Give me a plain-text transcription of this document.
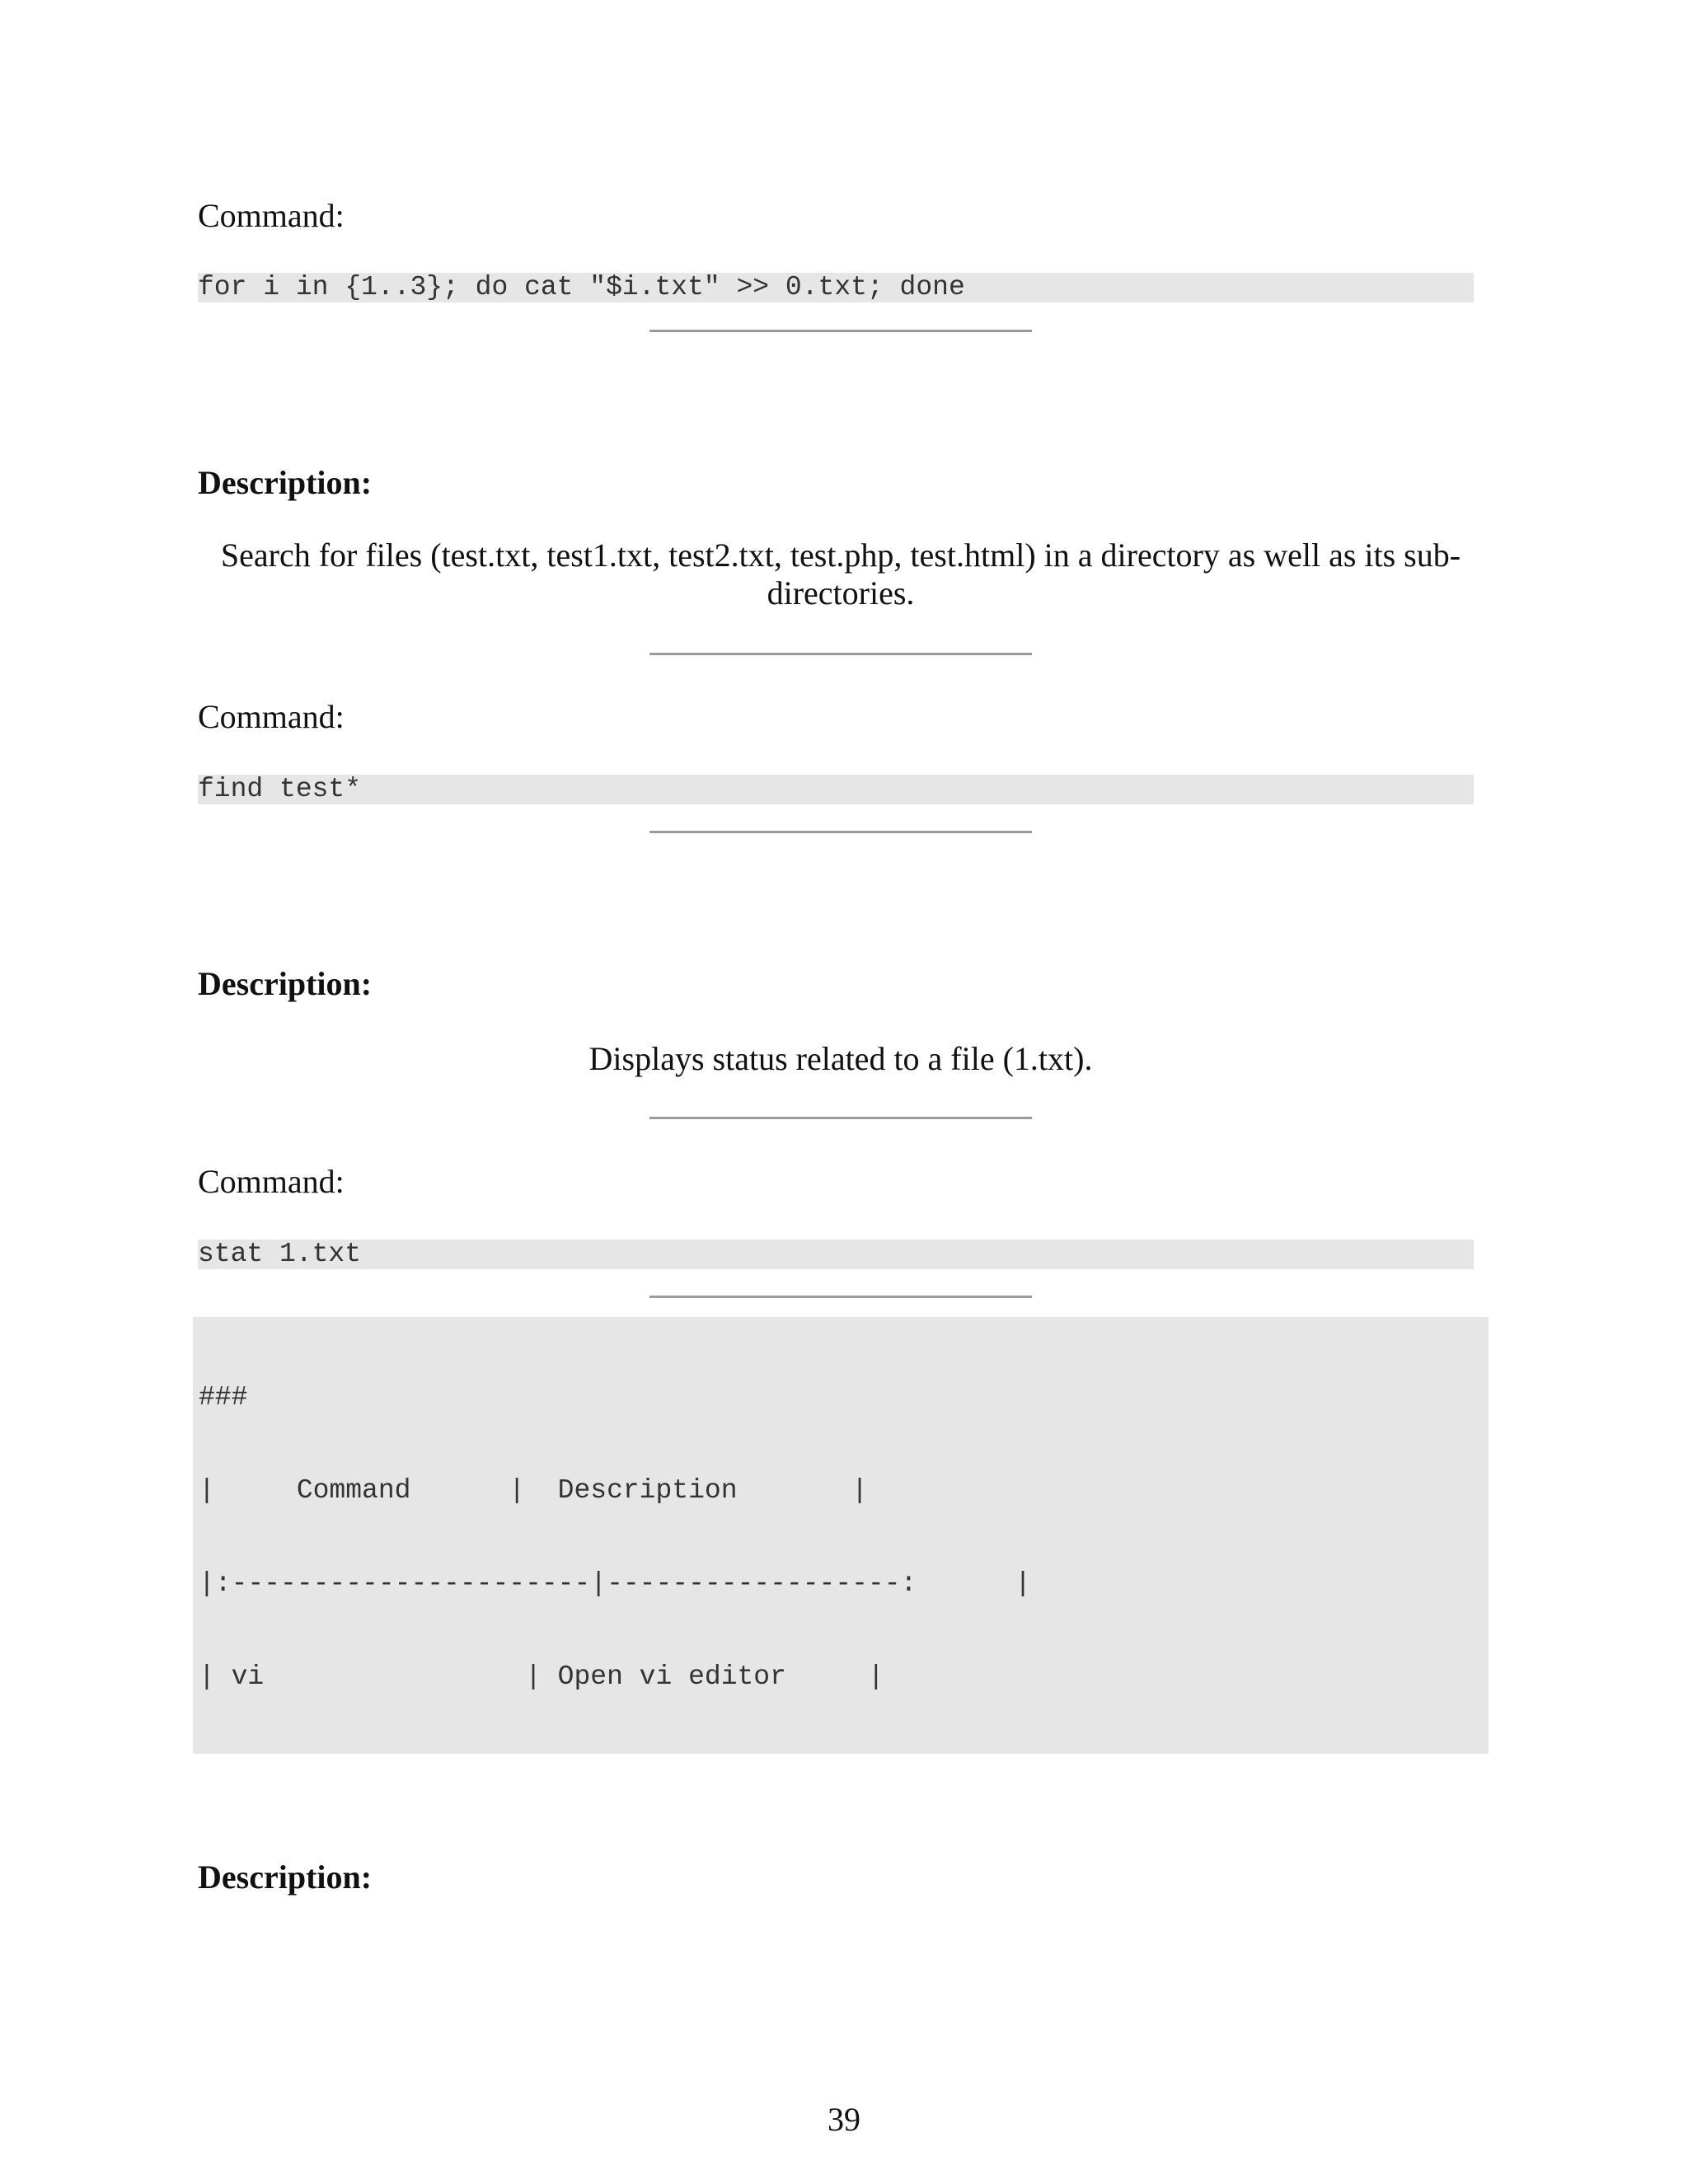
Command:
for i in {1..3}; do cat "$i.txt" >> 0.txt; done
Description:
Search for files (test.txt, test1.txt, test2.txt, test.php, test.html) in a directory as well as its sub-
directories.
Command:
find test*
Description:
Displays status related to a file (1.txt).
Command:
stat 1.txt

###

|     Command      |  Description       |

|:----------------------|------------------:      |

| vi                | Open vi editor     |

Description:
39
